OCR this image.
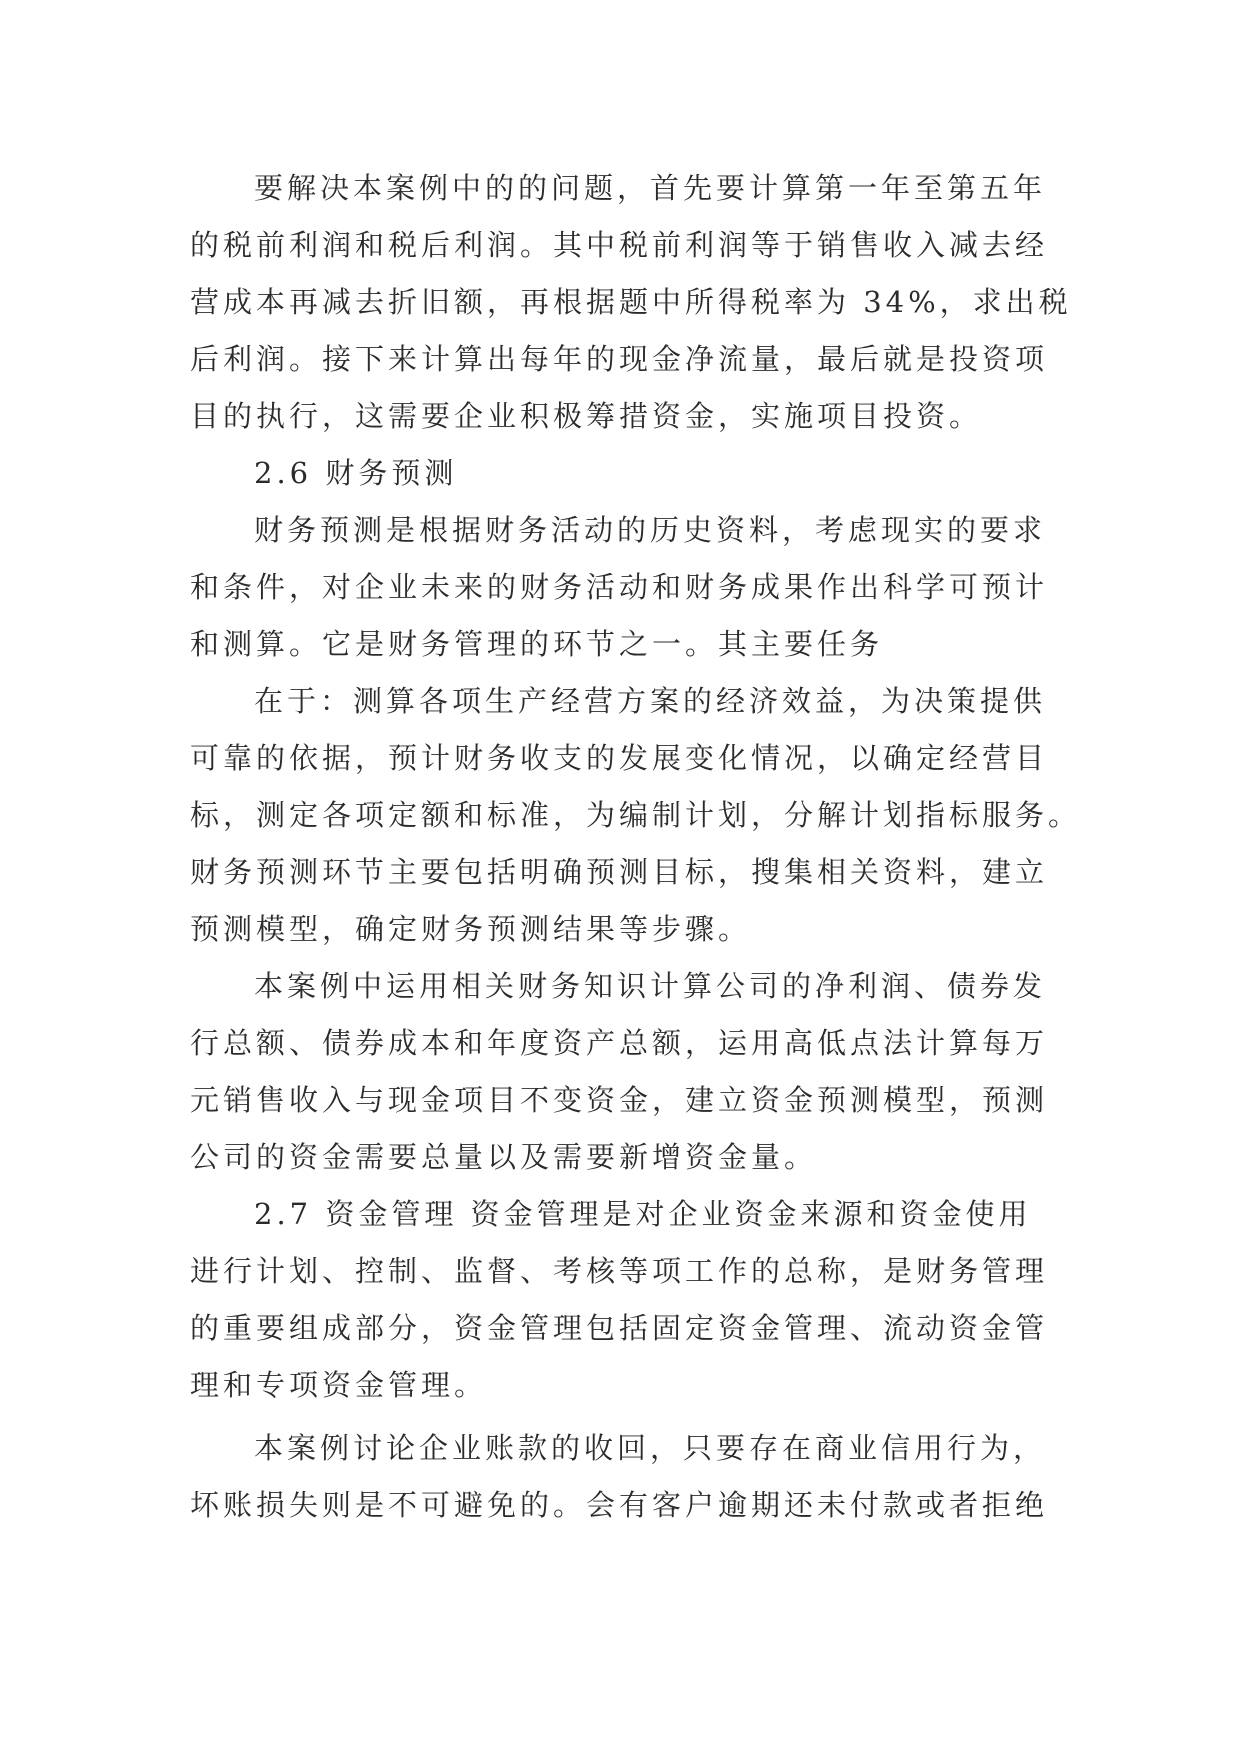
要解决本案例中的的问题，首先要计算第一年至第五年
的税前利润和税后利润。其中税前利润等于销售收入减去经
营成本再减去折旧额，再根据题中所得税率为 34%，求出税
后利润。接下来计算出每年的现金净流量，最后就是投资项
目的执行，这需要企业积极筹措资金，实施项目投资。
2.6 财务预测
财务预测是根据财务活动的历史资料，考虑现实的要求
和条件，对企业未来的财务活动和财务成果作出科学可预计
和测算。它是财务管理的环节之一。其主要任务
在于：测算各项生产经营方案的经济效益，为决策提供
可靠的依据，预计财务收支的发展变化情况，以确定经营目
标，测定各项定额和标准，为编制计划，分解计划指标服务。
财务预测环节主要包括明确预测目标，搜集相关资料，建立
预测模型，确定财务预测结果等步骤。
本案例中运用相关财务知识计算公司的净利润、债券发
行总额、债券成本和年度资产总额，运用高低点法计算每万
元销售收入与现金项目不变资金，建立资金预测模型，预测
公司的资金需要总量以及需要新增资金量。
2.7 资金管理 资金管理是对企业资金来源和资金使用
进行计划、控制、监督、考核等项工作的总称，是财务管理
的重要组成部分，资金管理包括固定资金管理、流动资金管
理和专项资金管理。
本案例讨论企业账款的收回，只要存在商业信用行为，
坏账损失则是不可避免的。会有客户逾期还未付款或者拒绝
